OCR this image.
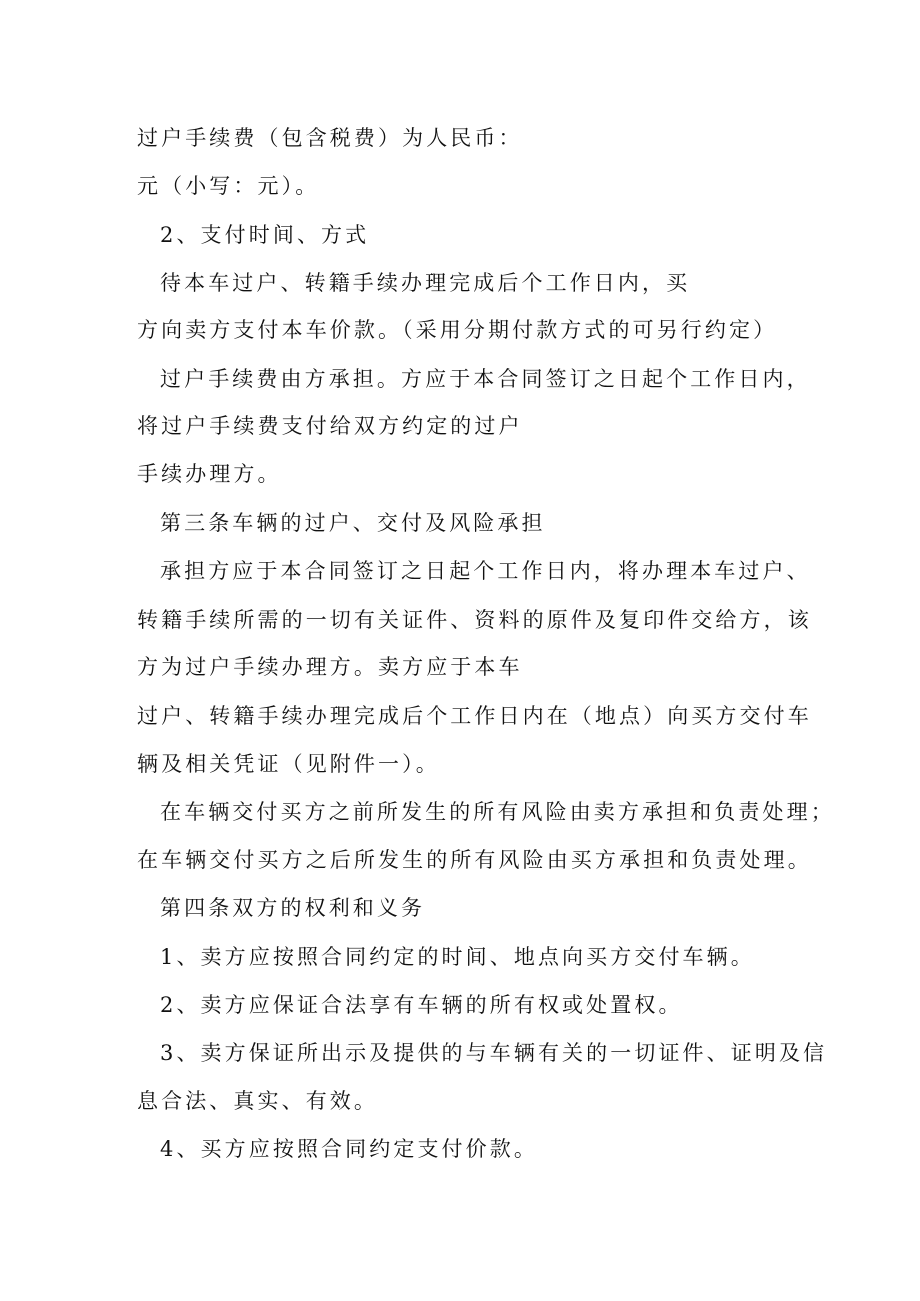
过户手续费（包含税费）为人民币：
元（小写：元）。
2、支付时间、方式
待本车过户、转籍手续办理完成后个工作日内，买
方向卖方支付本车价款。（采用分期付款方式的可另行约定）
过户手续费由方承担。方应于本合同签订之日起个工作日内，
将过户手续费支付给双方约定的过户
手续办理方。
第三条车辆的过户、交付及风险承担
承担方应于本合同签订之日起个工作日内，将办理本车过户、
转籍手续所需的一切有关证件、资料的原件及复印件交给方，该
方为过户手续办理方。卖方应于本车
过户、转籍手续办理完成后个工作日内在（地点）向买方交付车
辆及相关凭证（见附件一）。
在车辆交付买方之前所发生的所有风险由卖方承担和负责处理；
在车辆交付买方之后所发生的所有风险由买方承担和负责处理。
第四条双方的权利和义务
1、卖方应按照合同约定的时间、地点向买方交付车辆。
2、卖方应保证合法享有车辆的所有权或处置权。
3、卖方保证所出示及提供的与车辆有关的一切证件、证明及信
息合法、真实、有效。
4、买方应按照合同约定支付价款。
